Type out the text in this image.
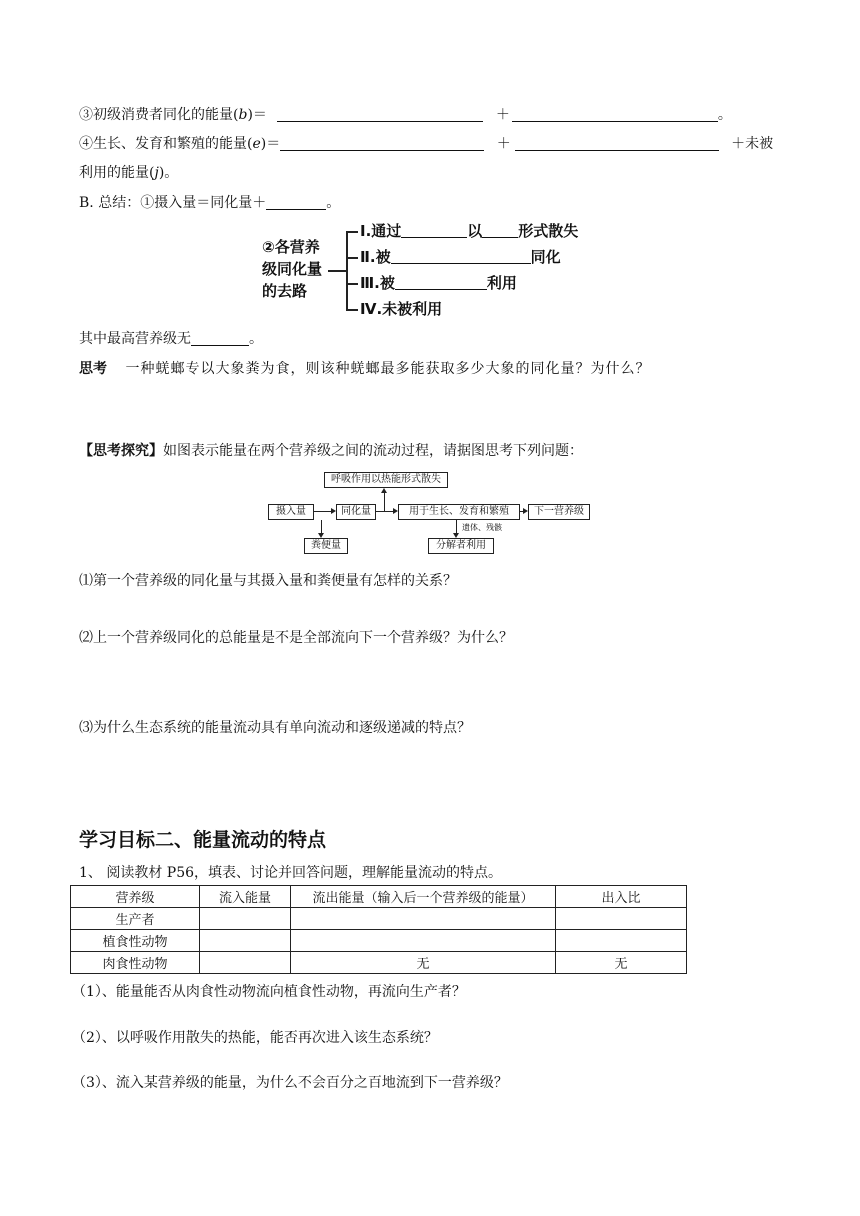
③初级消费者同化的能量(b)＝	＋	。
④生长、发育和繁殖的能量(e)＝	＋	＋未被
利用的能量(j)。
B. 总结：①摄入量＝同化量＋	。
②各营养
级同化量
的去路
Ⅰ.通过	以 形式散失
Ⅱ.被	同化
Ⅲ.被	利用
Ⅳ.未被利用
其中最高营养级无	。
思考 一种蜣螂专以大象粪为食，则该种蜣螂最多能获取多少大象的同化量？为什么？
【思考探究】如图表示能量在两个营养级之间的流动过程，请据图思考下列问题：
摄入量	同化量
呼吸作用以热能形式散失
用于生长、发育和繁殖	下一营养级
粪便量	分解者利用
遗体、残骸
⑴第一个营养级的同化量与其摄入量和粪便量有怎样的关系？
⑵上一个营养级同化的总能量是不是全部流向下一个营养级？为什么？
⑶为什么生态系统的能量流动具有单向流动和逐级递减的特点？
学习目标二、能量流动的特点
1、 阅读教材 P56，填表、讨论并回答问题，理解能量流动的特点。
营养级	流入能量	流出能量（输入后一个营养级的能量）	出入比
生产者			
植食性动物			
肉食性动物		无	无
（1）、能量能否从肉食性动物流向植食性动物，再流向生产者？
（2）、以呼吸作用散失的热能，能否再次进入该生态系统？
（3）、流入某营养级的能量，为什么不会百分之百地流到下一营养级？
